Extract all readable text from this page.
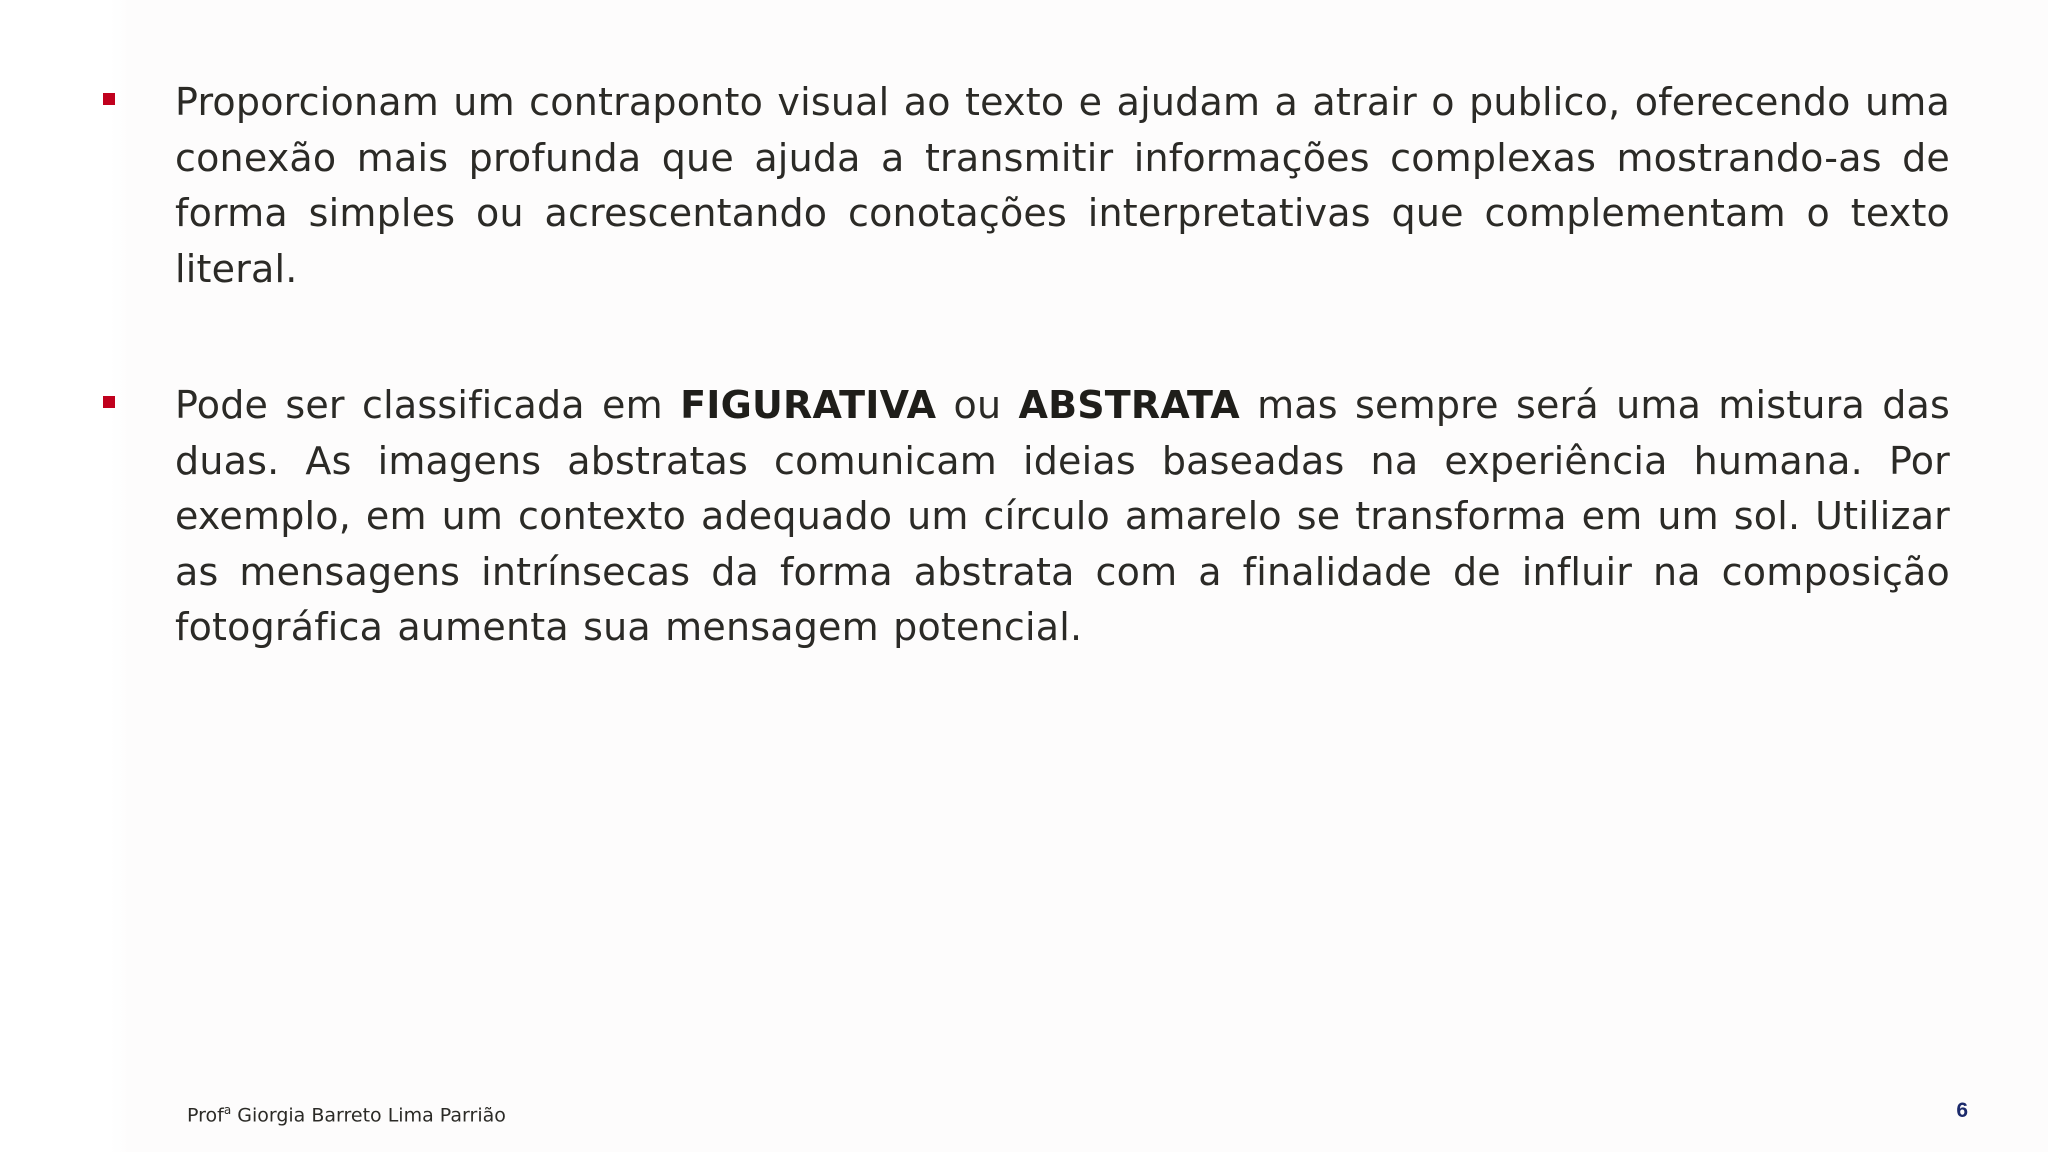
Proporcionam um contraponto visual ao texto e ajudam a atrair o publico, oferecendo uma conexão mais profunda que ajuda a transmitir informações complexas mostrando-as de forma simples ou acrescentando conotações interpretativas que complementam o texto literal.
Pode ser classificada em FIGURATIVA ou ABSTRATA mas sempre será uma mistura das duas. As imagens abstratas comunicam ideias baseadas na experiência humana. Por exemplo, em um contexto adequado um círculo amarelo se transforma em um sol. Utilizar as mensagens intrínsecas da forma abstrata com a finalidade de influir na composição fotográfica aumenta sua mensagem potencial.
Prof$^a$ Giorgia Barreto Lima Parrião	6
